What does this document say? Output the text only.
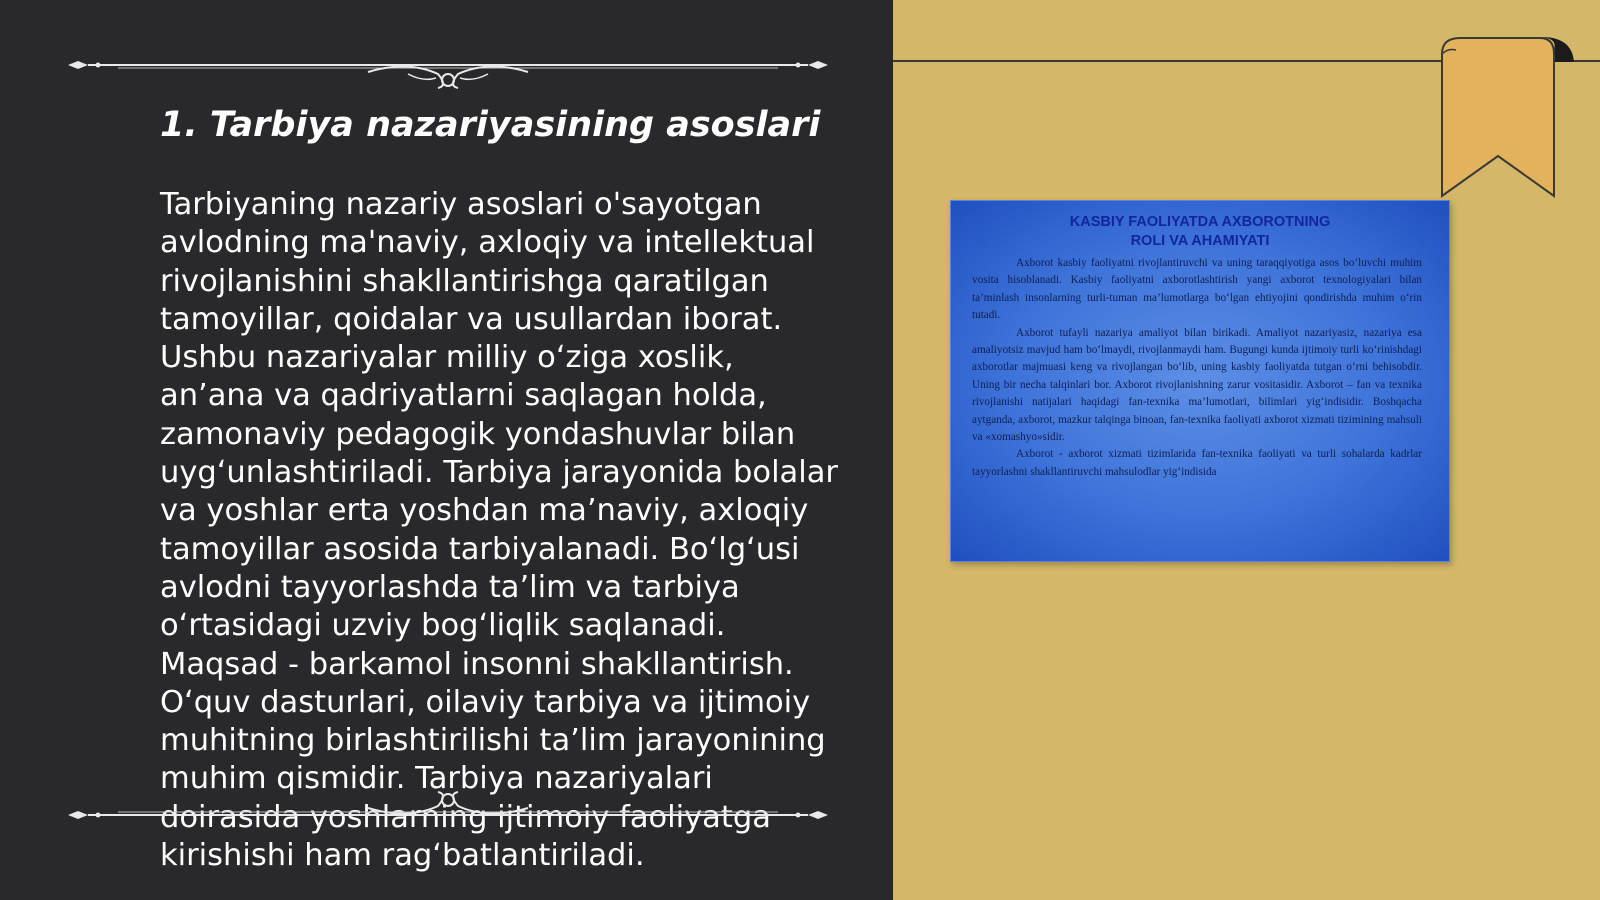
1. Tarbiya nazariyasining asoslari

Tarbiyaning nazariy asoslari o'sayotgan avlodning ma'naviy, axloqiy va intellektual rivojlanishini shakllantirishga qaratilgan tamoyillar, qoidalar va usullardan iborat. Ushbu nazariyalar milliy o‘ziga xoslik, an’ana va qadriyatlarni saqlagan holda, zamonaviy pedagogik yondashuvlar bilan uyg‘unlashtiriladi. Tarbiya jarayonida bolalar va yoshlar erta yoshdan ma’naviy, axloqiy tamoyillar asosida tarbiyalanadi. Bo‘lg‘usi avlodni tayyorlashda ta’lim va tarbiya o‘rtasidagi uzviy bog‘liqlik saqlanadi. Maqsad - barkamol insonni shakllantirish. O‘quv dasturlari, oilaviy tarbiya va ijtimoiy muhitning birlashtirilishi ta’lim jarayonining muhim qismidir. Tarbiya nazariyalari doirasida yoshlarning ijtimoiy faoliyatga kirishishi ham rag‘batlantiriladi.

KASBIY FAOLIYATDA AXBOROTNING
ROLI VA AHAMIYATI

Axborot kasbiy faoliyatni rivojlantiruvchi va uning taraqqiyotiga asos bo‘luvchi muhim vosita hisoblanadi. Kasbiy faoliyatni axborotlashtirish yangi axborot texnologiyalari bilan ta’minlash insonlarning turli-tuman ma’lumotlarga bo‘lgan ehtiyojini qondirishda muhim o‘rin tutadi.

Axborot tufayli nazariya amaliyot bilan birikadi. Amaliyot nazariyasiz, nazariya esa amaliyotsiz mavjud ham bo‘lmaydi, rivojlanmaydi ham. Bugungi kunda ijtimoiy turli ko‘rinishdagi axborotlar majmuasi keng va rivojlangan bo‘lib, uning kasbiy faoliyatda tutgan o‘rni behisobdir. Uning bir necha talqinlari bor. Axborot rivojlanishning zarur vositasidir. Axborot – fan va texnika rivojlanishi natijalari haqidagi fan-texnika ma’lumotlari, bilimlari yig‘indisidir. Boshqacha aytganda, axborot, mazkur talqinga binoan, fan-texnika faoliyati axborot xizmati tizimining mahsuli va «xomashyo»sidir.

Axborot - axborot xizmati tizimlarida fan-texnika faoliyati va turli sohalarda kadrlar tayyorlashni shakllantiruvchi mahsulodlar yig‘indisida
